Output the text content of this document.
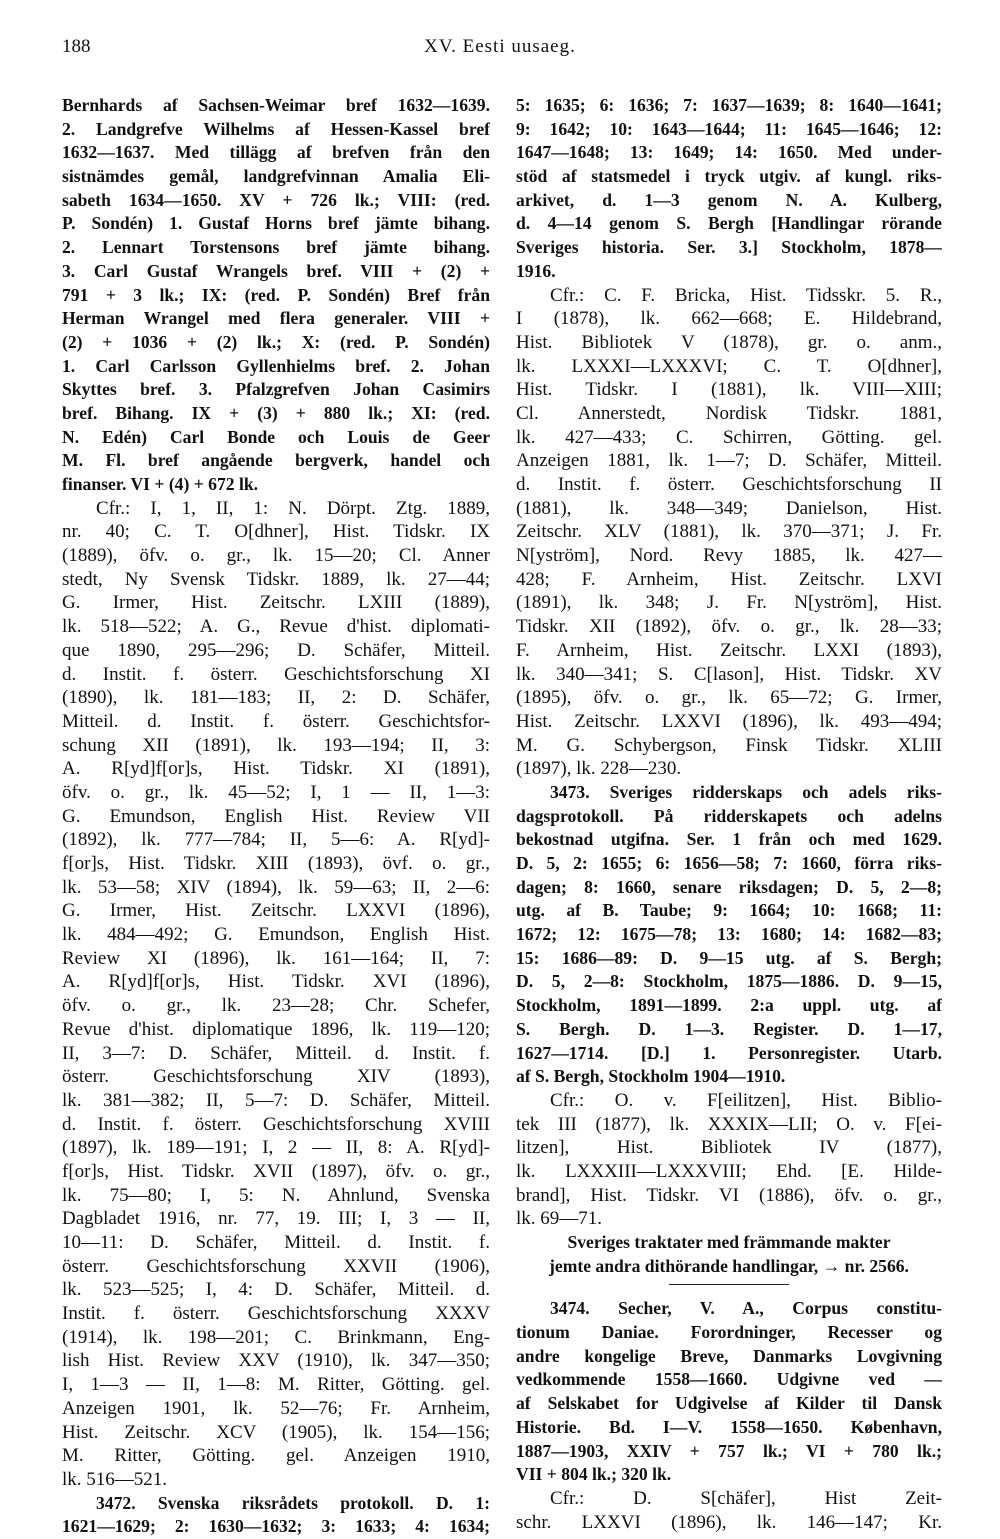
188	XV. Eesti uusaeg.
Bernhards af Sachsen-Weimar bref 1632—1639.
2. Landgrefve Wilhelms af Hessen-Kassel bref
1632—1637. Med tillägg af brefven från den
sistnämdes gemål, landgrefvinnan Amalia Eli-
sabeth 1634—1650. XV + 726 lk.; VIII: (red.
P. Sondén) 1. Gustaf Horns bref jämte bihang.
2. Lennart Torstensons bref jämte bihang.
3. Carl Gustaf Wrangels bref. VIII + (2) +
791 + 3 lk.; IX: (red. P. Sondén) Bref från
Herman Wrangel med flera generaler. VIII +
(2) + 1036 + (2) lk.; X: (red. P. Sondén)
1. Carl Carlsson Gyllenhielms bref. 2. Johan
Skyttes bref. 3. Pfalzgrefven Johan Casimirs
bref. Bihang. IX + (3) + 880 lk.; XI: (red.
N. Edén) Carl Bonde och Louis de Geer
M. Fl. bref angående bergverk, handel och
finanser. VI + (4) + 672 lk.
Cfr.: I, 1, II, 1: N. Dörpt. Ztg. 1889,
nr. 40; C. T. O[dhner], Hist. Tidskr. IX
(1889), öfv. o. gr., lk. 15—20; Cl. Anner
stedt, Ny Svensk Tidskr. 1889, lk. 27—44;
G. Irmer, Hist. Zeitschr. LXIII (1889),
lk. 518—522; A. G., Revue d'hist. diplomati-
que 1890, 295—296; D. Schäfer, Mitteil.
d. Instit. f. österr. Geschichtsforschung XI
(1890), lk. 181—183; II, 2: D. Schäfer,
Mitteil. d. Instit. f. österr. Geschichtsfor-
schung XII (1891), lk. 193—194; II, 3:
A. R[yd]f[or]s, Hist. Tidskr. XI (1891),
öfv. o. gr., lk. 45—52; I, 1 — II, 1—3:
G. Emundson, English Hist. Review VII
(1892), lk. 777—784; II, 5—6: A. R[yd]-
f[or]s, Hist. Tidskr. XIII (1893), övf. o. gr.,
lk. 53—58; XIV (1894), lk. 59—63; II, 2—6:
G. Irmer, Hist. Zeitschr. LXXVI (1896),
lk. 484—492; G. Emundson, English Hist.
Review XI (1896), lk. 161—164; II, 7:
A. R[yd]f[or]s, Hist. Tidskr. XVI (1896),
öfv. o. gr., lk. 23—28; Chr. Schefer,
Revue d'hist. diplomatique 1896, lk. 119—120;
II, 3—7: D. Schäfer, Mitteil. d. Instit. f.
österr. Geschichtsforschung XIV (1893),
lk. 381—382; II, 5—7: D. Schäfer, Mitteil.
d. Instit. f. österr. Geschichtsforschung XVIII
(1897), lk. 189—191; I, 2 — II, 8: A. R[yd]-
f[or]s, Hist. Tidskr. XVII (1897), öfv. o. gr.,
lk. 75—80; I, 5: N. Ahnlund, Svenska
Dagbladet 1916, nr. 77, 19. III; I, 3 — II,
10—11: D. Schäfer, Mitteil. d. Instit. f.
österr. Geschichtsforschung XXVII (1906),
lk. 523—525; I, 4: D. Schäfer, Mitteil. d.
Instit. f. österr. Geschichtsforschung XXXV
(1914), lk. 198—201; C. Brinkmann, Eng-
lish Hist. Review XXV (1910), lk. 347—350;
I, 1—3 — II, 1—8: M. Ritter, Götting. gel.
Anzeigen 1901, lk. 52—76; Fr. Arnheim,
Hist. Zeitschr. XCV (1905), lk. 154—156;
M. Ritter, Götting. gel. Anzeigen 1910,
lk. 516—521.
3472. Svenska riksrådets protokoll. D. 1:
1621—1629; 2: 1630—1632; 3: 1633; 4: 1634;
5: 1635; 6: 1636; 7: 1637—1639; 8: 1640—1641;
9: 1642; 10: 1643—1644; 11: 1645—1646; 12:
1647—1648; 13: 1649; 14: 1650. Med under-
stöd af statsmedel i tryck utgiv. af kungl. riks-
arkivet, d. 1—3 genom N. A. Kulberg,
d. 4—14 genom S. Bergh [Handlingar rörande
Sveriges historia. Ser. 3.] Stockholm, 1878—
1916.
Cfr.: C. F. Bricka, Hist. Tidsskr. 5. R.,
I (1878), lk. 662—668; E. Hildebrand,
Hist. Bibliotek V (1878), gr. o. anm.,
lk. LXXXI—LXXXVI; C. T. O[dhner],
Hist. Tidskr. I (1881), lk. VIII—XIII;
Cl. Annerstedt, Nordisk Tidskr. 1881,
lk. 427—433; C. Schirren, Götting. gel.
Anzeigen 1881, lk. 1—7; D. Schäfer, Mitteil.
d. Instit. f. österr. Geschichtsforschung II
(1881), lk. 348—349; Danielson, Hist.
Zeitschr. XLV (1881), lk. 370—371; J. Fr.
N[yström], Nord. Revy 1885, lk. 427—
428; F. Arnheim, Hist. Zeitschr. LXVI
(1891), lk. 348; J. Fr. N[yström], Hist.
Tidskr. XII (1892), öfv. o. gr., lk. 28—33;
F. Arnheim, Hist. Zeitschr. LXXI (1893),
lk. 340—341; S. C[lason], Hist. Tidskr. XV
(1895), öfv. o. gr., lk. 65—72; G. Irmer,
Hist. Zeitschr. LXXVI (1896), lk. 493—494;
M. G. Schybergson, Finsk Tidskr. XLIII
(1897), lk. 228—230.
3473. Sveriges ridderskaps och adels riks-
dagsprotokoll. På ridderskapets och adelns
bekostnad utgifna. Ser. 1 från och med 1629.
D. 5, 2: 1655; 6: 1656—58; 7: 1660, förra riks-
dagen; 8: 1660, senare riksdagen; D. 5, 2—8;
utg. af B. Taube; 9: 1664; 10: 1668; 11:
1672; 12: 1675—78; 13: 1680; 14: 1682—83;
15: 1686—89: D. 9—15 utg. af S. Bergh;
D. 5, 2—8: Stockholm, 1875—1886. D. 9—15,
Stockholm, 1891—1899. 2:a uppl. utg. af
S. Bergh. D. 1—3. Register. D. 1—17,
1627—1714. [D.] 1. Personregister. Utarb.
af S. Bergh, Stockholm 1904—1910.
Cfr.: O. v. F[eilitzen], Hist. Biblio-
tek III (1877), lk. XXXIX—LII; O. v. F[ei-
litzen], Hist. Bibliotek IV (1877),
lk. LXXXIII—LXXXVIII; Ehd. [E. Hilde-
brand], Hist. Tidskr. VI (1886), öfv. o. gr.,
lk. 69—71.
Sveriges traktater med främmande makter
jemte andra dithörande handlingar, → nr. 2566.
3474. Secher, V. A., Corpus constitu-
tionum Daniae. Forordninger, Recesser og
andre kongelige Breve, Danmarks Lovgivning
vedkommende 1558—1660. Udgivne ved —
af Selskabet for Udgivelse af Kilder til Dansk
Historie. Bd. I—V. 1558—1650. København,
1887—1903, XXIV + 757 lk.; VI + 780 lk.;
VII + 804 lk.; 320 lk.
Cfr.: D. S[chäfer], Hist Zeit-
schr. LXXVI (1896), lk. 146—147; Kr.
